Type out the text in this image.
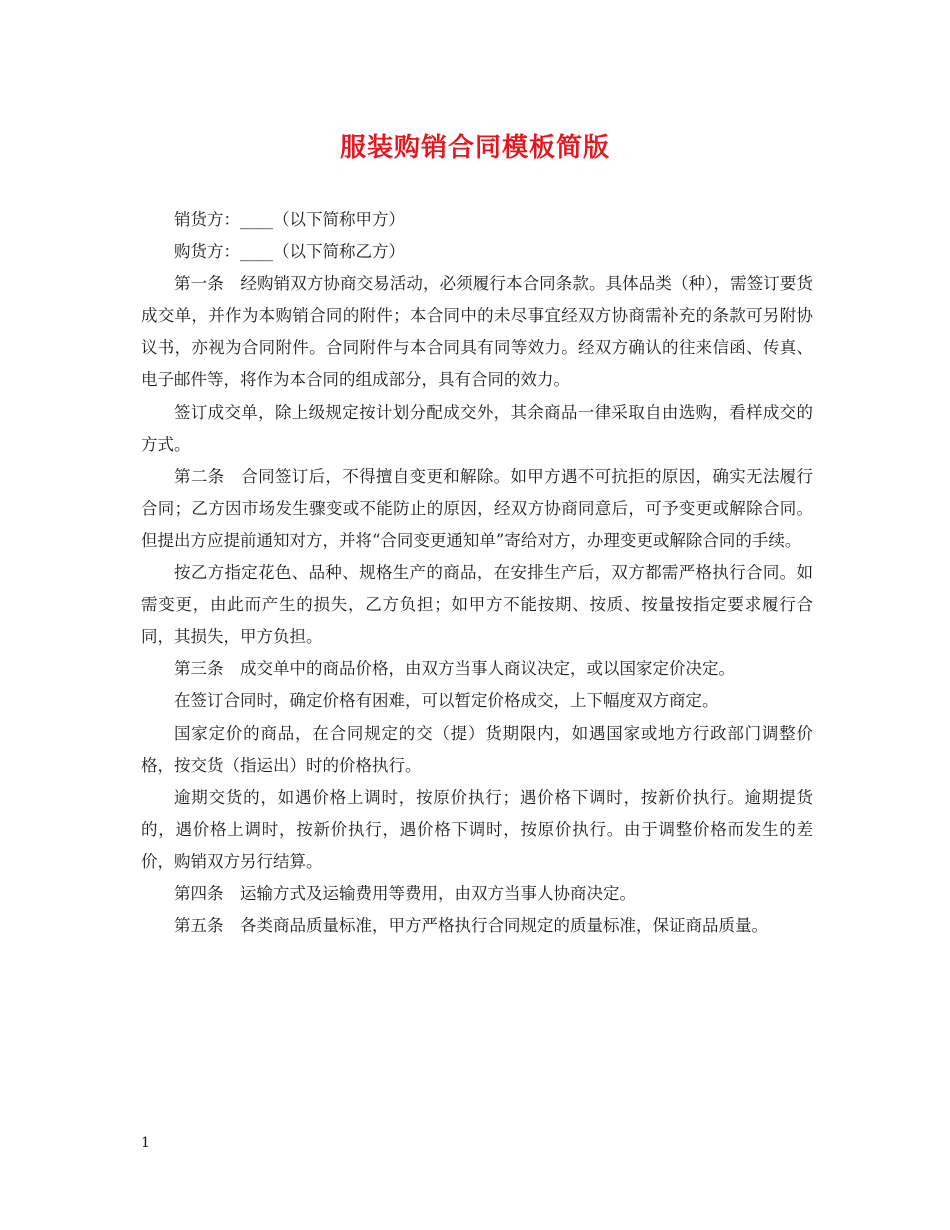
服装购销合同模板简版

销货方：____（以下简称甲方）

购货方：____（以下简称乙方）

第一条　经购销双方协商交易活动，必须履行本合同条款。具体品类（种），需签订要货成交单，并作为本购销合同的附件；本合同中的未尽事宜经双方协商需补充的条款可另附协议书，亦视为合同附件。合同附件与本合同具有同等效力。经双方确认的往来信函、传真、电子邮件等，将作为本合同的组成部分，具有合同的效力。

签订成交单，除上级规定按计划分配成交外，其余商品一律采取自由选购，看样成交的方式。

第二条　合同签订后，不得擅自变更和解除。如甲方遇不可抗拒的原因，确实无法履行合同；乙方因市场发生骤变或不能防止的原因，经双方协商同意后，可予变更或解除合同。但提出方应提前通知对方，并将“合同变更通知单”寄给对方，办理变更或解除合同的手续。

按乙方指定花色、品种、规格生产的商品，在安排生产后，双方都需严格执行合同。如需变更，由此而产生的损失，乙方负担；如甲方不能按期、按质、按量按指定要求履行合同，其损失，甲方负担。

第三条　成交单中的商品价格，由双方当事人商议决定，或以国家定价决定。

在签订合同时，确定价格有困难，可以暂定价格成交，上下幅度双方商定。

国家定价的商品，在合同规定的交（提）货期限内，如遇国家或地方行政部门调整价格，按交货（指运出）时的价格执行。

逾期交货的，如遇价格上调时，按原价执行；遇价格下调时，按新价执行。逾期提货的，遇价格上调时，按新价执行，遇价格下调时，按原价执行。由于调整价格而发生的差价，购销双方另行结算。

第四条　运输方式及运输费用等费用，由双方当事人协商决定。

第五条　各类商品质量标准，甲方严格执行合同规定的质量标准，保证商品质量。

1
